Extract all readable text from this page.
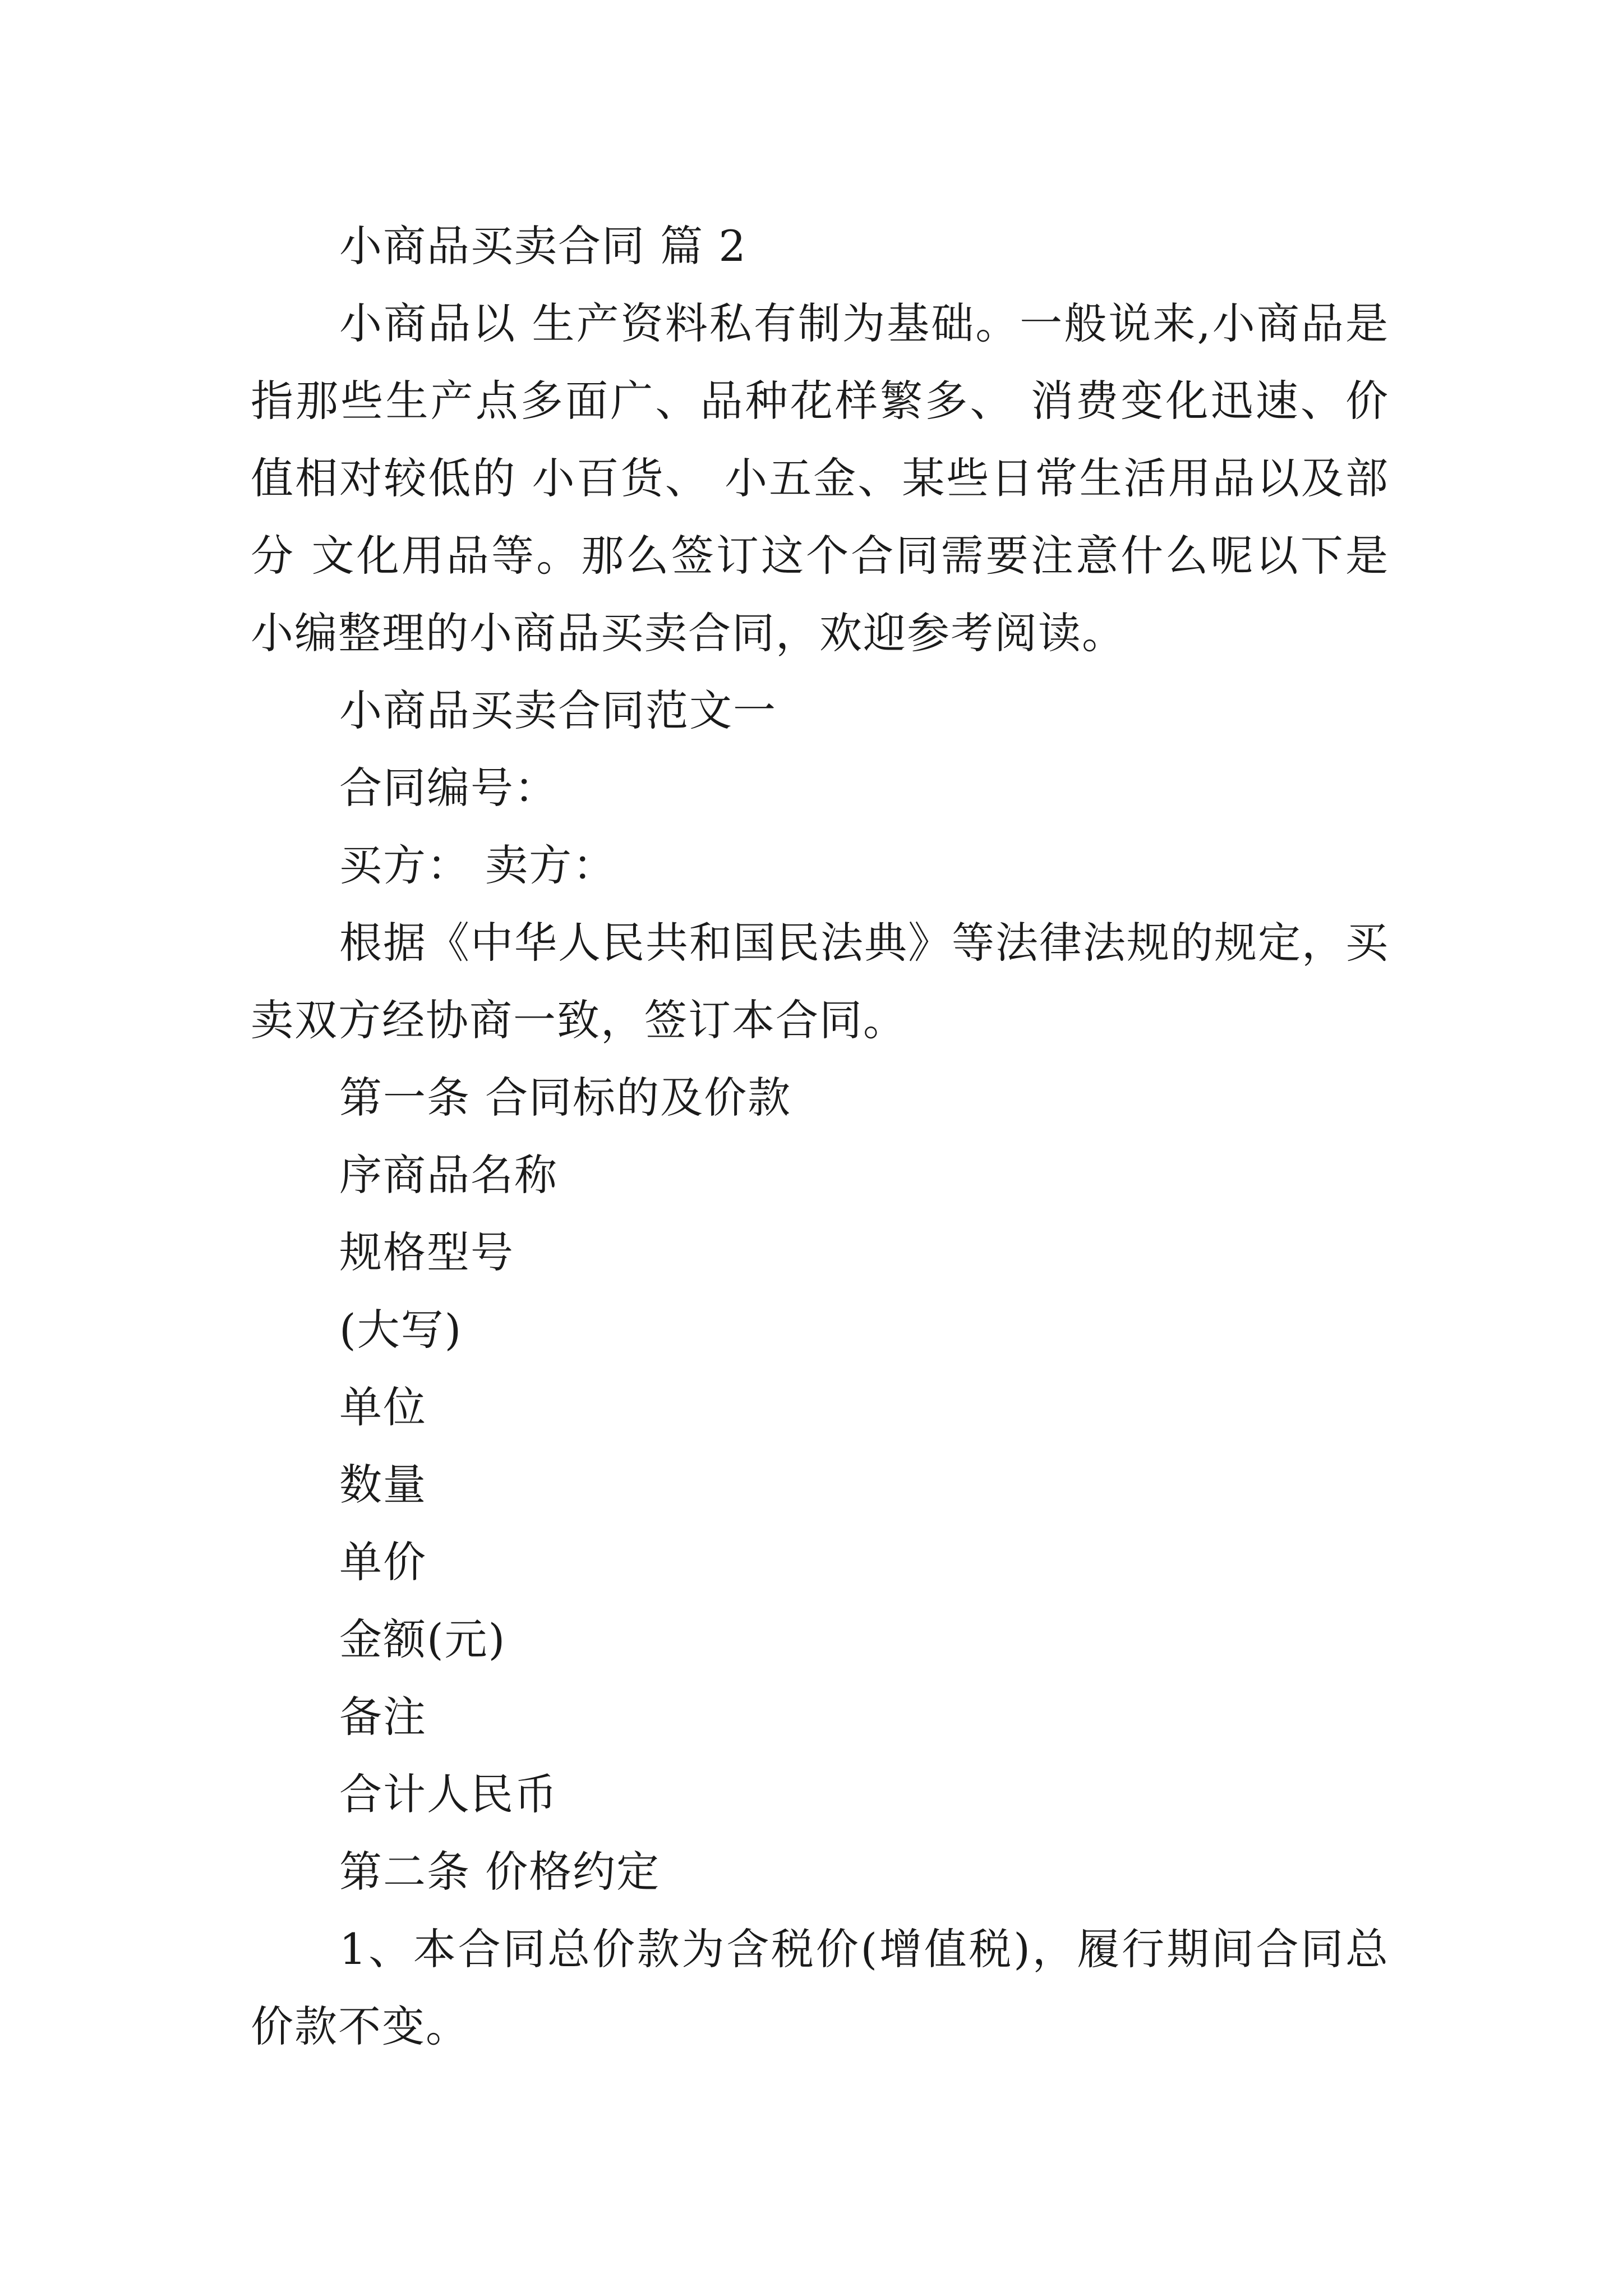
小商品买卖合同 篇 2

小商品以 生产资料私有制为基础。一般说来,小商品是指那些生产点多面广、品种花样繁多、 消费变化迅速、价值相对较低的 小百货、 小五金、某些日常生活用品以及部分 文化用品等。那么签订这个合同需要注意什么呢以下是小编整理的小商品买卖合同，欢迎参考阅读。

小商品买卖合同范文一

合同编号：

买方： 卖方：

根据《中华人民共和国民法典》等法律法规的规定，买卖双方经协商一致，签订本合同。

第一条 合同标的及价款

序商品名称

规格型号

(大写)

单位

数量

单价

金额(元)

备注

合计人民币

第二条 价格约定

1、本合同总价款为含税价(增值税)，履行期间合同总价款不变。
